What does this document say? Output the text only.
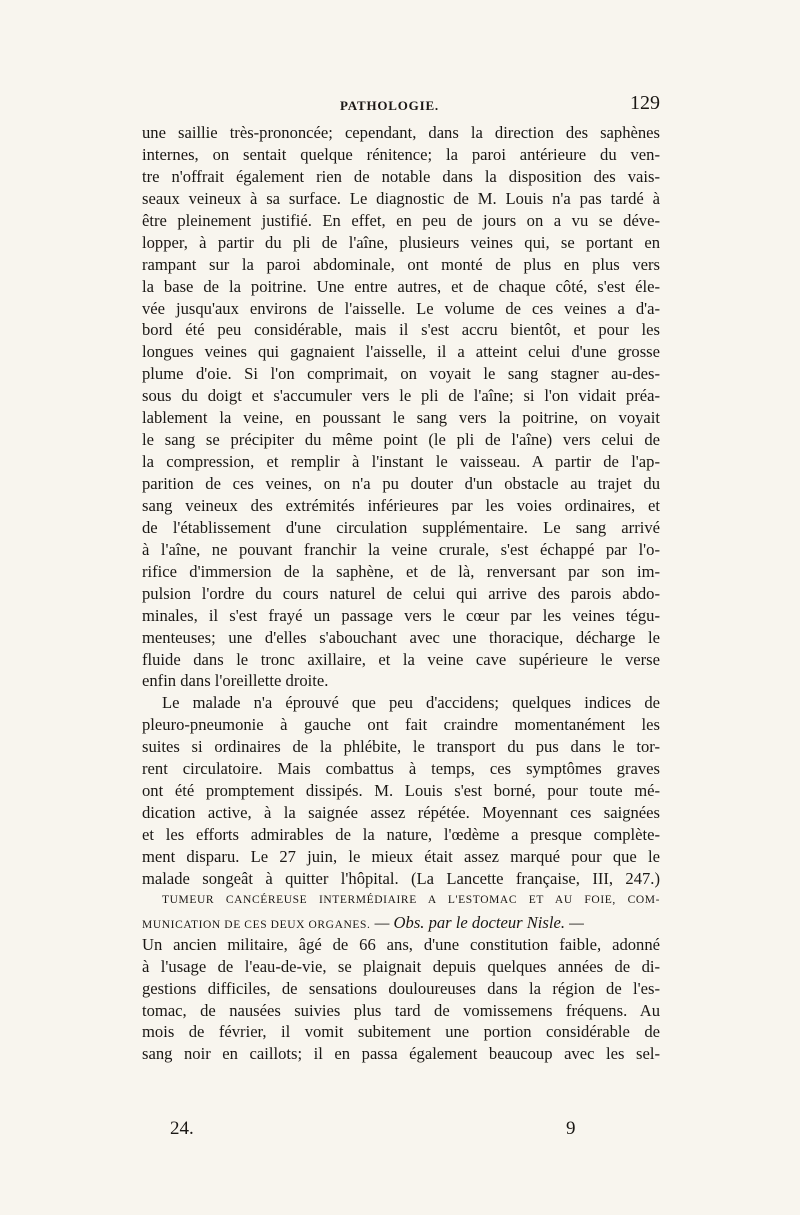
PATHOLOGIE.	129
une saillie très-prononcée; cependant, dans la direction des saphènes
internes, on sentait quelque rénitence; la paroi antérieure du ven-
tre n'offrait également rien de notable dans la disposition des vais-
seaux veineux à sa surface. Le diagnostic de M. Louis n'a pas tardé à
être pleinement justifié. En effet, en peu de jours on a vu se déve-
lopper, à partir du pli de l'aîne, plusieurs veines qui, se portant en
rampant sur la paroi abdominale, ont monté de plus en plus vers
la base de la poitrine. Une entre autres, et de chaque côté, s'est éle-
vée jusqu'aux environs de l'aisselle. Le volume de ces veines a d'a-
bord été peu considérable, mais il s'est accru bientôt, et pour les
longues veines qui gagnaient l'aisselle, il a atteint celui d'une grosse
plume d'oie. Si l'on comprimait, on voyait le sang stagner au-des-
sous du doigt et s'accumuler vers le pli de l'aîne; si l'on vidait préa-
lablement la veine, en poussant le sang vers la poitrine, on voyait
le sang se précipiter du même point (le pli de l'aîne) vers celui de
la compression, et remplir à l'instant le vaisseau. A partir de l'ap-
parition de ces veines, on n'a pu douter d'un obstacle au trajet du
sang veineux des extrémités inférieures par les voies ordinaires, et
de l'établissement d'une circulation supplémentaire. Le sang arrivé
à l'aîne, ne pouvant franchir la veine crurale, s'est échappé par l'o-
rifice d'immersion de la saphène, et de là, renversant par son im-
pulsion l'ordre du cours naturel de celui qui arrive des parois abdo-
minales, il s'est frayé un passage vers le cœur par les veines tégu-
menteuses; une d'elles s'abouchant avec une thoracique, décharge le
fluide dans le tronc axillaire, et la veine cave supérieure le verse
enfin dans l'oreillette droite.
Le malade n'a éprouvé que peu d'accidens; quelques indices de
pleuro-pneumonie à gauche ont fait craindre momentanément les
suites si ordinaires de la phlébite, le transport du pus dans le tor-
rent circulatoire. Mais combattus à temps, ces symptômes graves
ont été promptement dissipés. M. Louis s'est borné, pour toute mé-
dication active, à la saignée assez répétée. Moyennant ces saignées
et les efforts admirables de la nature, l'œdème a presque complète-
ment disparu. Le 27 juin, le mieux était assez marqué pour que le
malade songeât à quitter l'hôpital. (La Lancette française, III, 247.)
TUMEUR CANCÉREUSE INTERMÉDIAIRE A L'ESTOMAC ET AU FOIE, COM-
MUNICATION DE CES DEUX ORGANES. — Obs. par le docteur Nisle. —
Un ancien militaire, âgé de 66 ans, d'une constitution faible, adonné
à l'usage de l'eau-de-vie, se plaignait depuis quelques années de di-
gestions difficiles, de sensations douloureuses dans la région de l'es-
tomac, de nausées suivies plus tard de vomissemens fréquens. Au
mois de février, il vomit subitement une portion considérable de
sang noir en caillots; il en passa également beaucoup avec les sel-
24.	9
